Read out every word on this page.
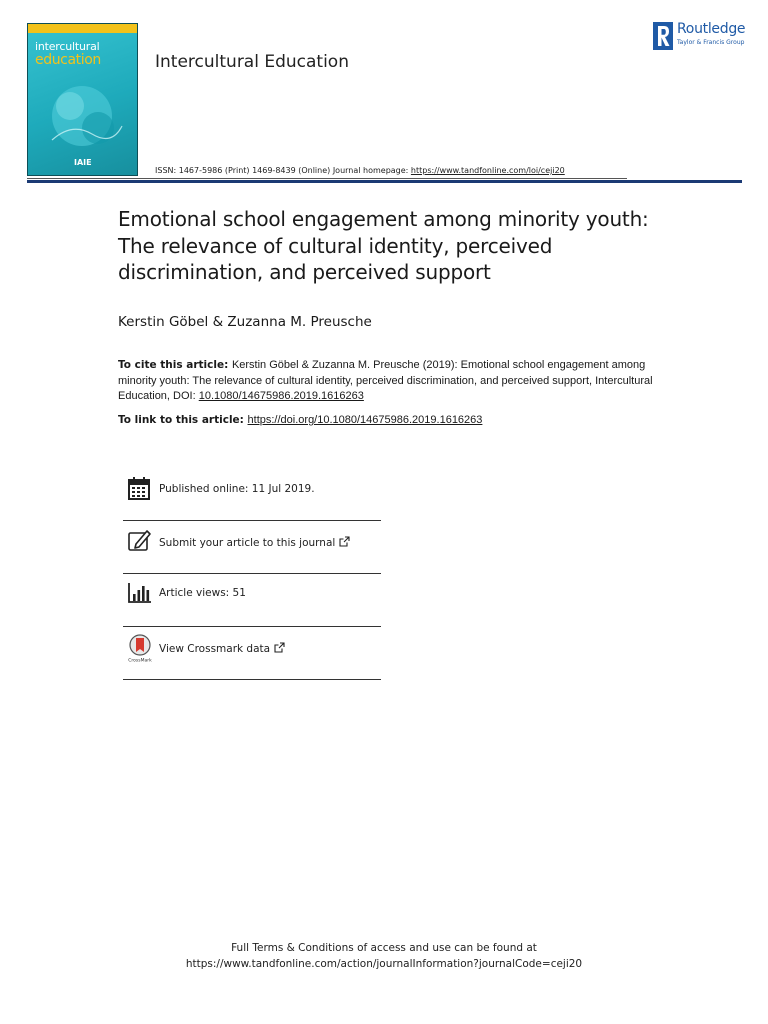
intercultural
education
IAIE
Intercultural Education
Routledge
Taylor & Francis Group
ISSN: 1467-5986 (Print) 1469-8439 (Online) Journal homepage: https://www.tandfonline.com/loi/ceji20
Emotional school engagement among minority youth: The relevance of cultural identity, perceived discrimination, and perceived support
Kerstin Göbel & Zuzanna M. Preusche
To cite this article: Kerstin Göbel & Zuzanna M. Preusche (2019): Emotional school engagement among minority youth: The relevance of cultural identity, perceived discrimination, and perceived support, Intercultural Education, DOI: 10.1080/14675986.2019.1616263
To link to this article: https://doi.org/10.1080/14675986.2019.1616263
Published online: 11 Jul 2019.
Submit your article to this journal
Article views: 51
CrossMark
View Crossmark data
Full Terms & Conditions of access and use can be found at
https://www.tandfonline.com/action/journalInformation?journalCode=ceji20
